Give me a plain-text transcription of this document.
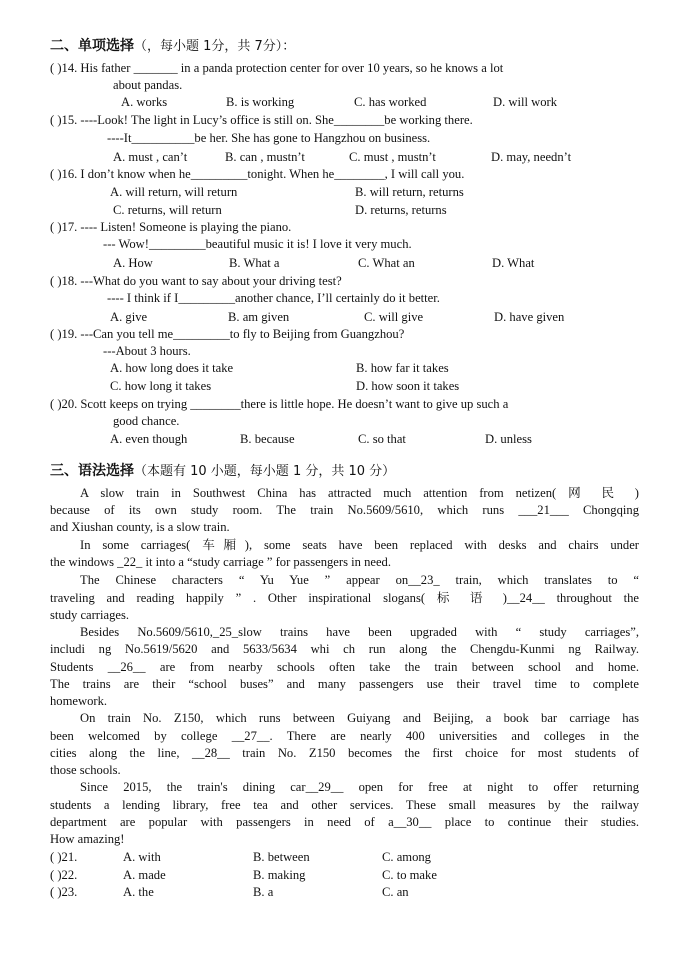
二、单项选择（，每小题 1分，共 7分）：
( )14. His father _______ in a panda protection center for over 10 years, so he knows a lot
about pandas.
A. works	B. is working	C. has worked	D. will work
( )15. ----Look! The light in Lucy’s office is still on. She________be working there.
----It__________be her. She has gone to Hangzhou on business.
A. must , can’t	B. can , mustn’t	C. must , mustn’t	D. may, needn’t
( )16. I don’t know when he_________tonight. When he________, I will call you.
A. will return, will return	B. will return, returns
C. returns, will return	D. returns, returns
( )17. ---- Listen! Someone is playing the piano.
--- Wow!_________beautiful music it is! I love it very much.
A. How	B. What a	C. What an	D. What
( )18. ---What do you want to say about your driving test?
---- I think if I_________another chance, I’ll certainly do it better.
A. give	B. am given	C. will give	D. have given
( )19. ---Can you tell me_________to fly to Beijing from Guangzhou?
---About 3 hours.
A. how long does it take	B. how far it takes
C. how long it takes	D. how soon it takes
( )20. Scott keeps on trying ________there is little hope. He doesn’t want to give up such a
good chance.
A. even though	B. because	C. so that	D. unless
三、语法选择（本题有 10 小题，每小题 1 分，共 10 分）
A slow train in Southwest China has attracted much attention from netizen( 网 民 )
because of its own study room. The train No.5609/5610, which runs ___21___ Chongqing
and Xiushan county, is a slow train.
In some carriages( 车厢), some seats have been replaced with desks and chairs under
the windows _22_ it into a “study carriage ” for passengers in need.
The Chinese characters “ Yu Yue ” appear on__23_ train, which translates to “
traveling and reading happily ” . Other inspirational slogans( 标 语 )__24__ throughout the
study carriages.
Besides No.5609/5610,_25_slow trains have been upgraded with “ study carriages”,
includi ng No.5619/5620 and 5633/5634 whi ch run along the Chengdu-Kunmi ng Railway.
Students __26__ are from nearby schools often take the train between school and home.
The trains are their “school buses” and many passengers use their travel time to complete
homework.
On train No. Z150, which runs between Guiyang and Beijing, a book bar carriage has
been welcomed by college __27__. There are nearly 400 universities and colleges in the
cities along the line, __28__ train No. Z150 becomes the first choice for most students of
those schools.
Since 2015, the train's dining car__29__ open for free at night to offer returning
students a lending library, free tea and other services. These small measures by the railway
department are popular with passengers in need of a__30__ place to continue their studies.
How amazing!
( )21.	A. with	B. between	C. among
( )22.	A. made	B. making	C. to make
( )23.	A. the	B. a	C. an
